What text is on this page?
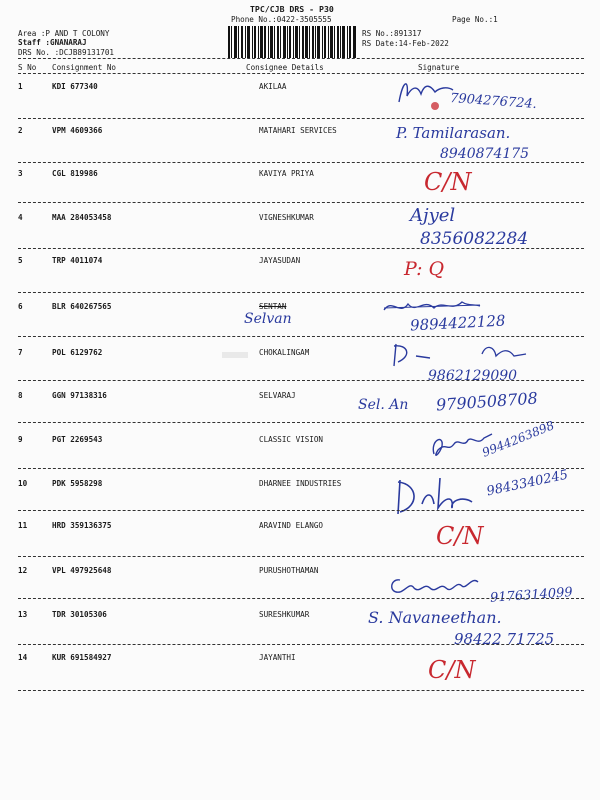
TPC/CJB DRS - P30
Phone No.:0422-3505555	Page No.:1
Area :P AND T COLONY
Staff :GNANARAJ
DRS No. :DCJB89131701
RS No.:891317
RS Date:14-Feb-2022
S No Consignment No	Consignee Details	Signature
1	KDI 677340	AKILAA
7904276724.
2	VPM 4609366	MATAHARI SERVICES	P. Tamilarasan.
8940874175
3	CGL 819986	KAVIYA PRIYA	C/N
4	MAA 284053458	VIGNESHKUMAR	Ajyel
8356082284
5	TRP 4011074	JAYASUDAN	P: Q
6	BLR 640267565	SENTAN
Selvan	9894422128
7	POL 6129762	CHOKALINGAM
9862129090
8	GGN 97138316	SELVARAJ
Sel. An 9790508708
9	PGT 2269543	CLASSIC VISION	9944263898
10	PDK 5958298	DHARNEE INDUSTRIES	9843340245
11	HRD 359136375	ARAVIND ELANGO	C/N
12	VPL 497925648	PURUSHOTHAMAN
9176314099
13	TDR 30105306	SURESHKUMAR	S. Navaneethan.
98422 71725
14	KUR 691584927	JAYANTHI	C/N
